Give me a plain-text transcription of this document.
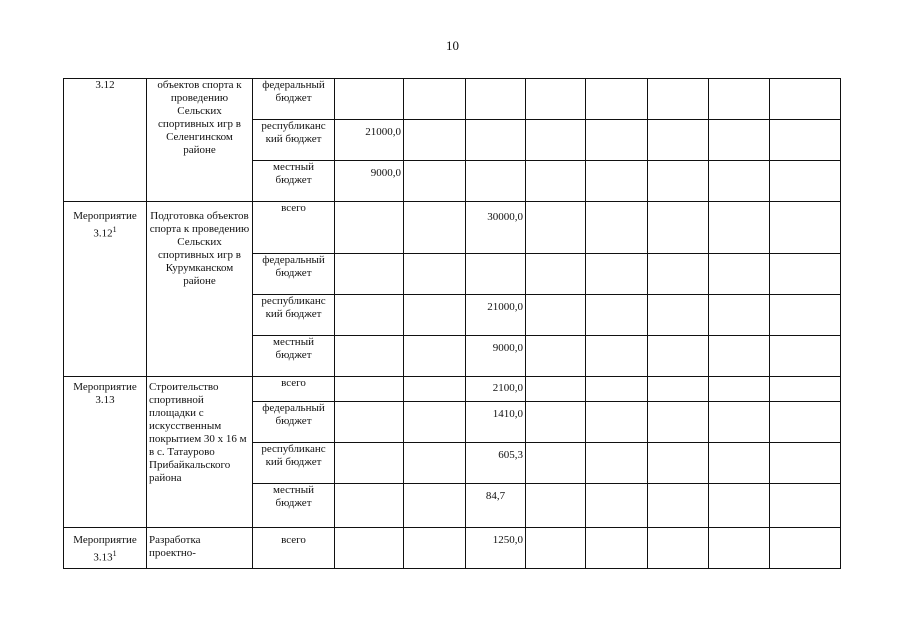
10
3.12	объектов спорта к проведению Сельских спортивных игр в Селенгинском районе	федеральный бюджет								
		республиканс кий бюджет	21000,0							
		местный бюджет	9000,0							
Мероприятие 3.12$^1$	Подготовка объектов спорта к проведению Сельских спортивных игр в Курумканском районе	всего			30000,0					
		федеральный бюджет								
		республиканс кий бюджет			21000,0					
		местный бюджет			9000,0					
Мероприятие 3.13	Строительство спортивной площадки с искусственным покрытием 30 х 16 м в с. Татаурово Прибайкальского района	всего			2100,0					
		федеральный бюджет			1410,0					
		республиканс кий бюджет			605,3					
		местный бюджет			84,7					
Мероприятие 3.13$^1$	Разработка проектно-	всего			1250,0					
